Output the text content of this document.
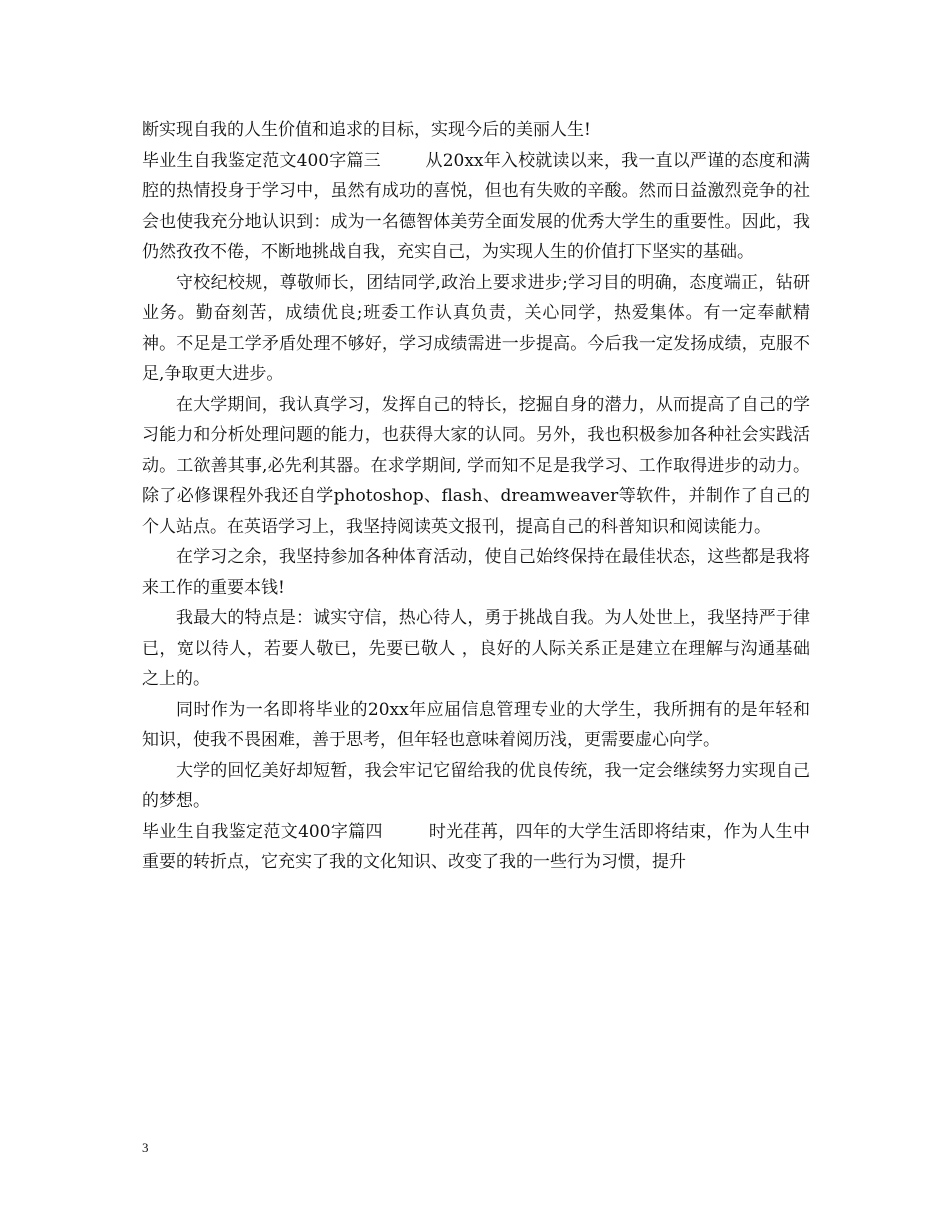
断实现自我的人生价值和追求的目标，实现今后的美丽人生!

毕业生自我鉴定范文400字篇三	从20xx年入校就读以来，我一直以严谨的态度和满腔的热情投身于学习中，虽然有成功的喜悦，但也有失败的辛酸。然而日益激烈竞争的社会也使我充分地认识到：成为一名德智体美劳全面发展的优秀大学生的重要性。因此，我仍然孜孜不倦，不断地挑战自我，充实自己，为实现人生的价值打下坚实的基础。

守校纪校规，尊敬师长，团结同学,政治上要求进步;学习目的明确，态度端正，钻研业务。勤奋刻苦，成绩优良;班委工作认真负责，关心同学，热爱集体。有一定奉献精神。不足是工学矛盾处理不够好，学习成绩需进一步提高。今后我一定发扬成绩，克服不足,争取更大进步。

在大学期间，我认真学习，发挥自己的特长，挖掘自身的潜力，从而提高了自己的学习能力和分析处理问题的能力，也获得大家的认同。另外，我也积极参加各种社会实践活动。工欲善其事,必先利其器。在求学期间, 学而知不足是我学习、工作取得进步的动力。除了必修课程外我还自学photoshop、flash、dreamweaver等软件，并制作了自己的个人站点。在英语学习上，我坚持阅读英文报刊，提高自己的科普知识和阅读能力。

在学习之余，我坚持参加各种体育活动，使自己始终保持在最佳状态，这些都是我将来工作的重要本钱!

我最大的特点是：诚实守信，热心待人，勇于挑战自我。为人处世上，我坚持严于律已，宽以待人，若要人敬已，先要已敬人 ，良好的人际关系正是建立在理解与沟通基础之上的。

同时作为一名即将毕业的20xx年应届信息管理专业的大学生，我所拥有的是年轻和知识，使我不畏困难，善于思考，但年轻也意味着阅历浅，更需要虚心向学。

大学的回忆美好却短暂，我会牢记它留给我的优良传统，我一定会继续努力实现自己的梦想。

毕业生自我鉴定范文400字篇四	时光荏苒，四年的大学生活即将结束，作为人生中重要的转折点，它充实了我的文化知识、改变了我的一些行为习惯，提升

3
